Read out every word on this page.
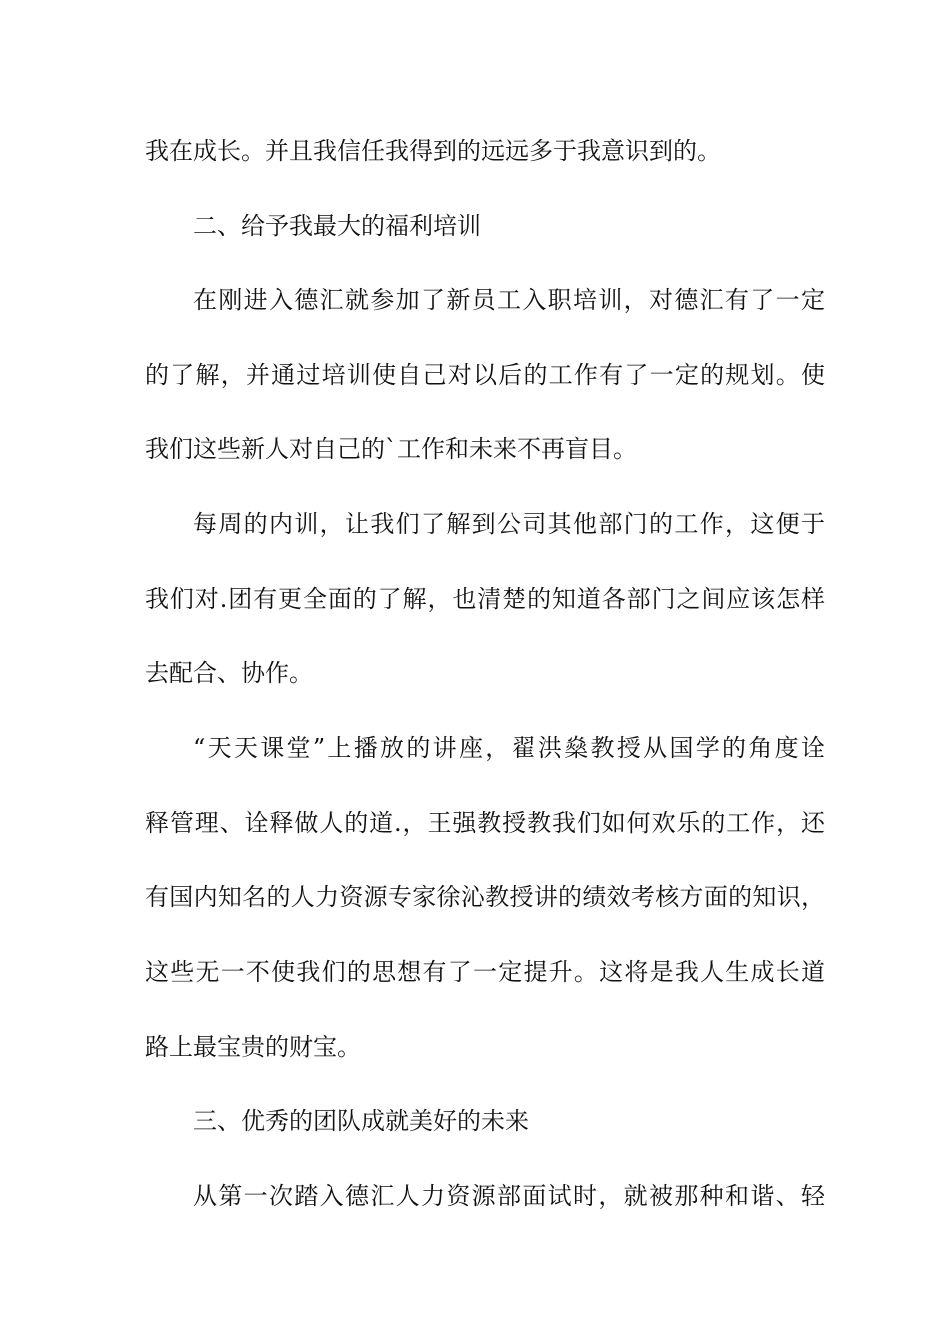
我在成长。并且我信任我得到的远远多于我意识到的。

二、给予我最大的福利培训

在刚进入德汇就参加了新员工入职培训，对德汇有了一定

的了解，并通过培训使自己对以后的工作有了一定的规划。使

我们这些新人对自己的`工作和未来不再盲目。

每周的内训，让我们了解到公司其他部门的工作，这便于

我们对.团有更全面的了解，也清楚的知道各部门之间应该怎样

去配合、协作。

“天天课堂”上播放的讲座，翟洪燊教授从国学的角度诠

释管理、诠释做人的道.，王强教授教我们如何欢乐的工作，还

有国内知名的人力资源专家徐沁教授讲的绩效考核方面的知识，

这些无一不使我们的思想有了一定提升。这将是我人生成长道

路上最宝贵的财宝。

三、优秀的团队成就美好的未来

从第一次踏入德汇人力资源部面试时，就被那种和谐、轻
